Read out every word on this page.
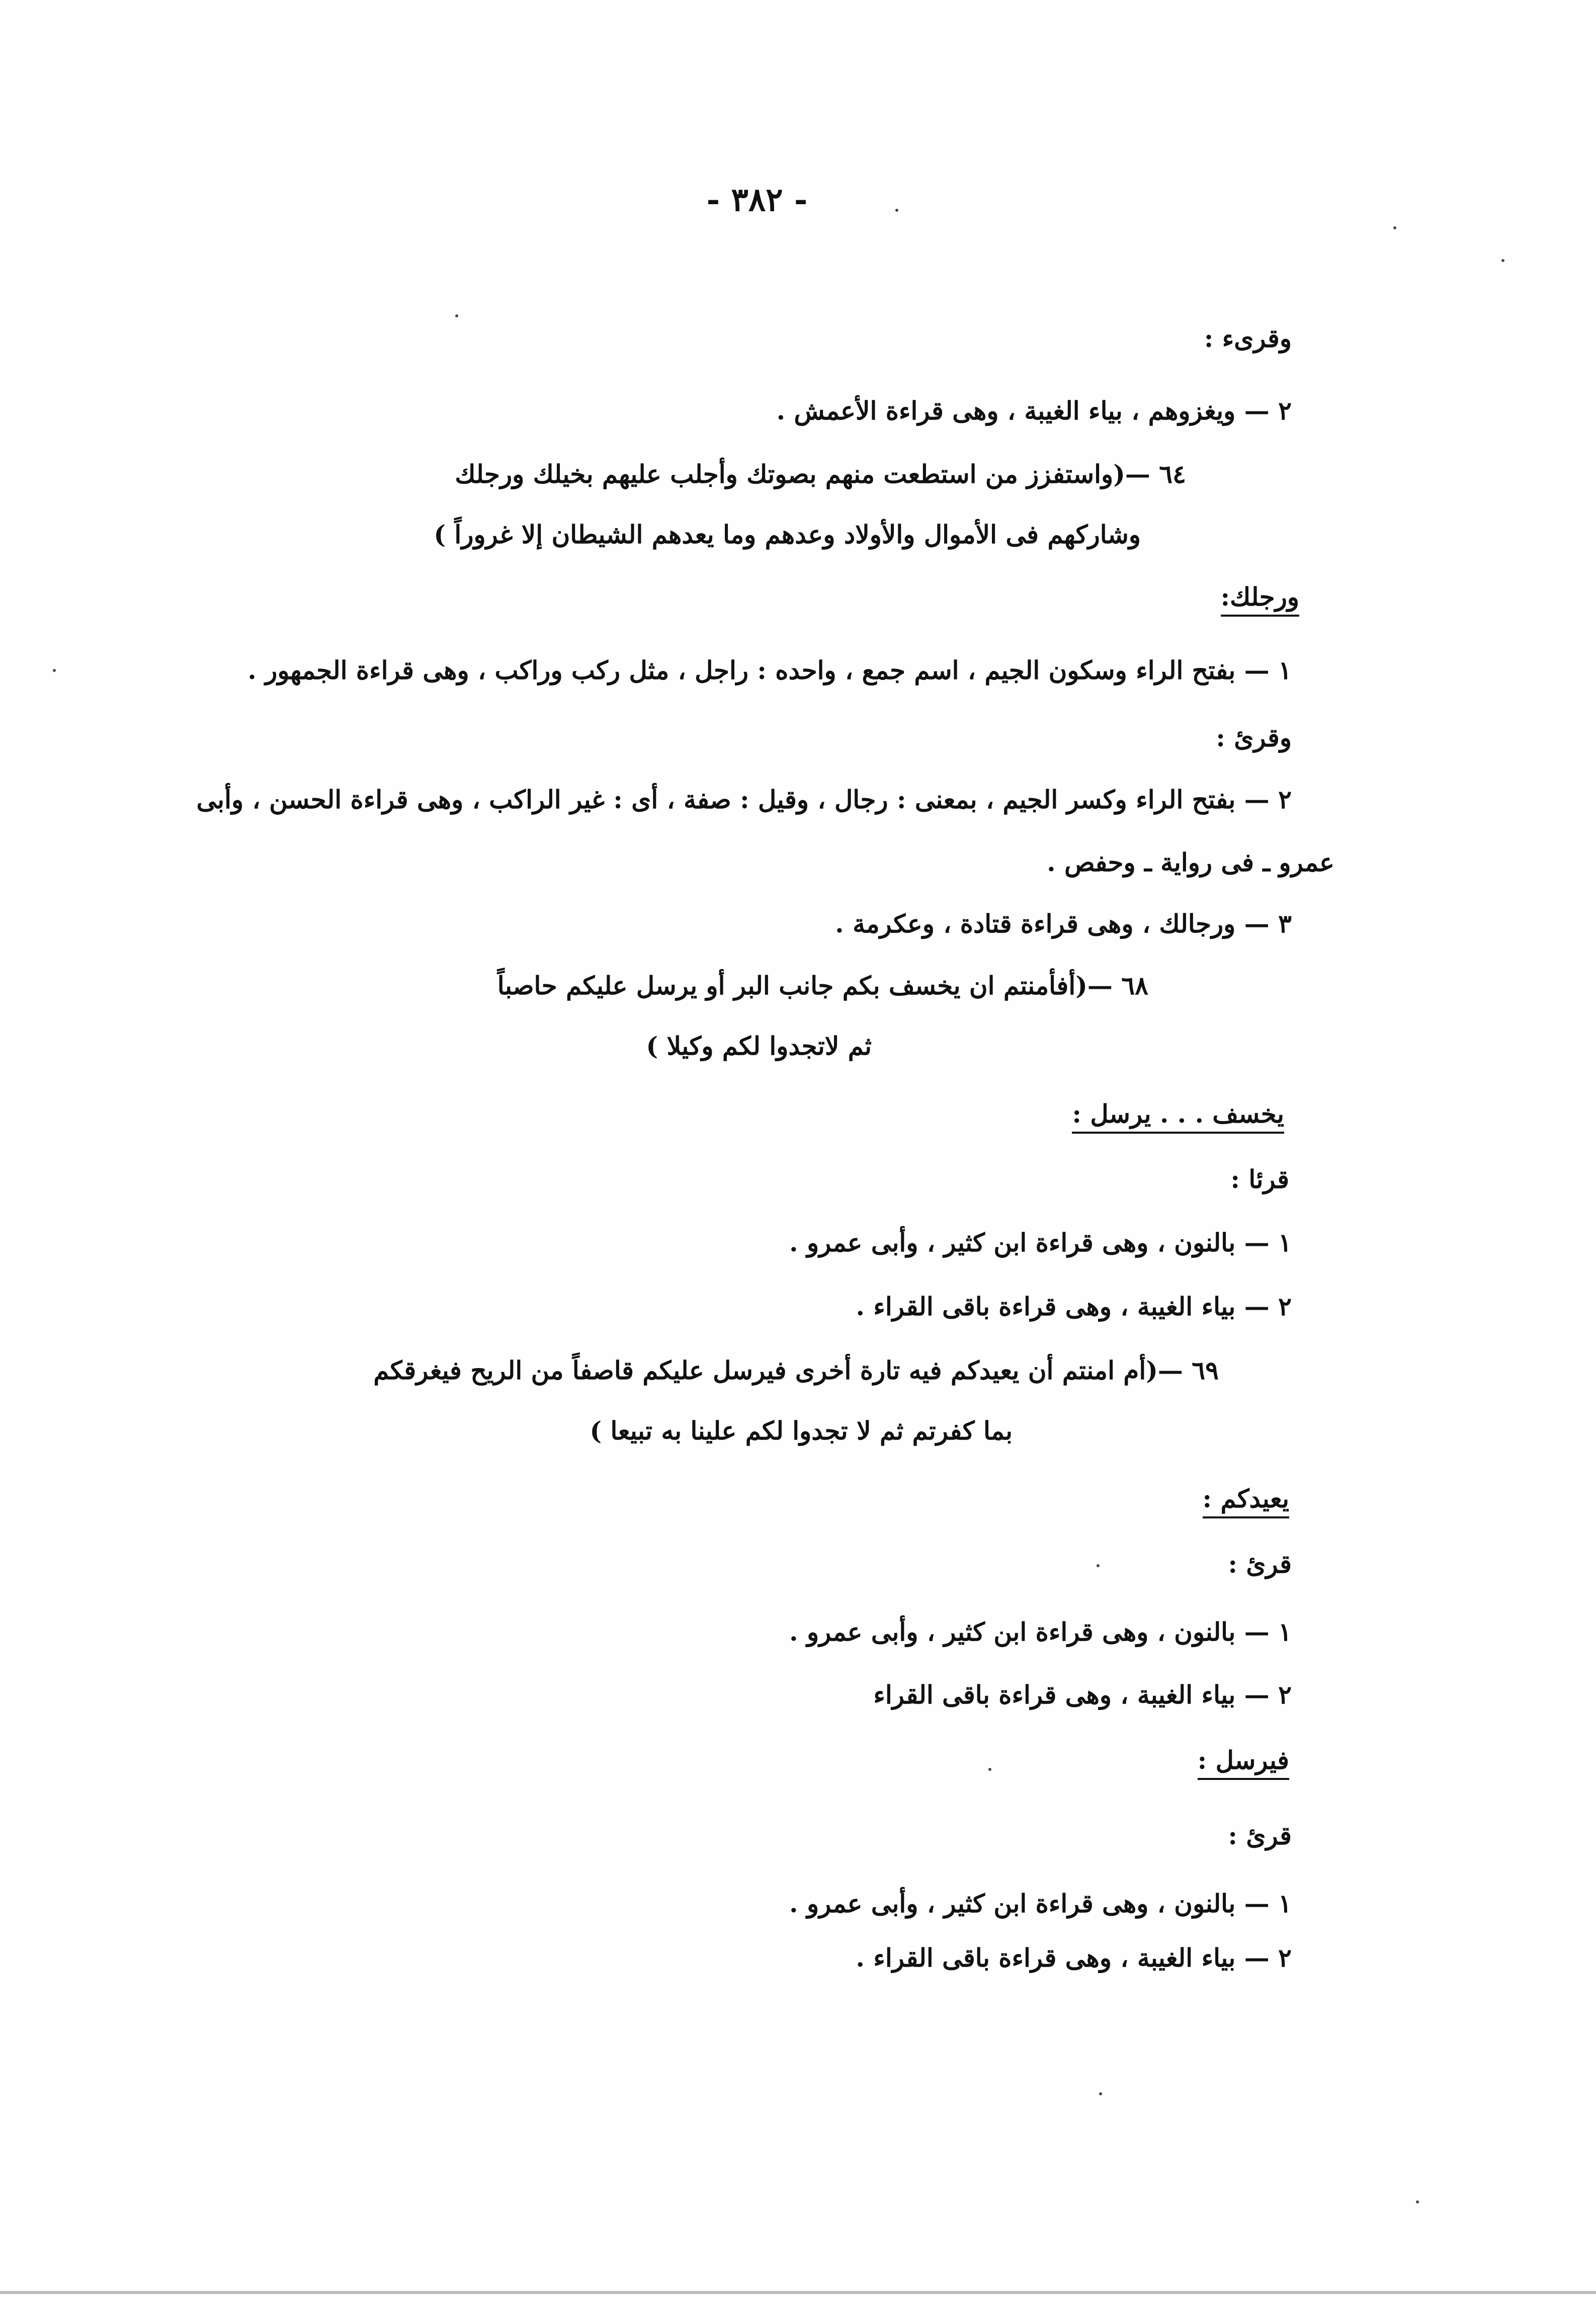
- ٣٨٢ -
وقرىء :
٢ — ويغزوهم ، بياء الغيبة ، وهى قراءة الأعمش .
٦٤ —(واستفزز من استطعت منهم بصوتك وأجلب عليهم بخيلك ورجلك
وشاركهم فى الأموال والأولاد وعدهم وما يعدهم الشيطان إلا غروراً )
ورجلك:
١ — بفتح الراء وسكون الجيم ، اسم جمع ، واحده : راجل ، مثل ركب وراكب ، وهى قراءة الجمهور .
وقرئ :
٢ — بفتح الراء وكسر الجيم ، بمعنى : رجال ، وقيل : صفة ، أى : غير الراكب ، وهى قراءة الحسن ، وأبى
عمرو ـ فى رواية ـ وحفص .
٣ — ورجالك ، وهى قراءة قتادة ، وعكرمة .
٦٨ —(أفأمنتم ان يخسف بكم جانب البر أو يرسل عليكم حاصباً
ثم لاتجدوا لكم وكيلا )
يخسف . . . يرسل :
قرئا :
١ — بالنون ، وهى قراءة ابن كثير ، وأبى عمرو .
٢ — بياء الغيبة ، وهى قراءة باقى القراء .
٦٩ —(أم امنتم أن يعيدكم فيه تارة أخرى فيرسل عليكم قاصفاً من الريح فيغرقكم
بما كفرتم ثم لا تجدوا لكم علينا به تبيعا )
يعيدكم :
قرئ :
١ — بالنون ، وهى قراءة ابن كثير ، وأبى عمرو .
٢ — بياء الغيبة ، وهى قراءة باقى القراء
فيرسل :
قرئ :
١ — بالنون ، وهى قراءة ابن كثير ، وأبى عمرو .
٢ — بياء الغيبة ، وهى قراءة باقى القراء .
